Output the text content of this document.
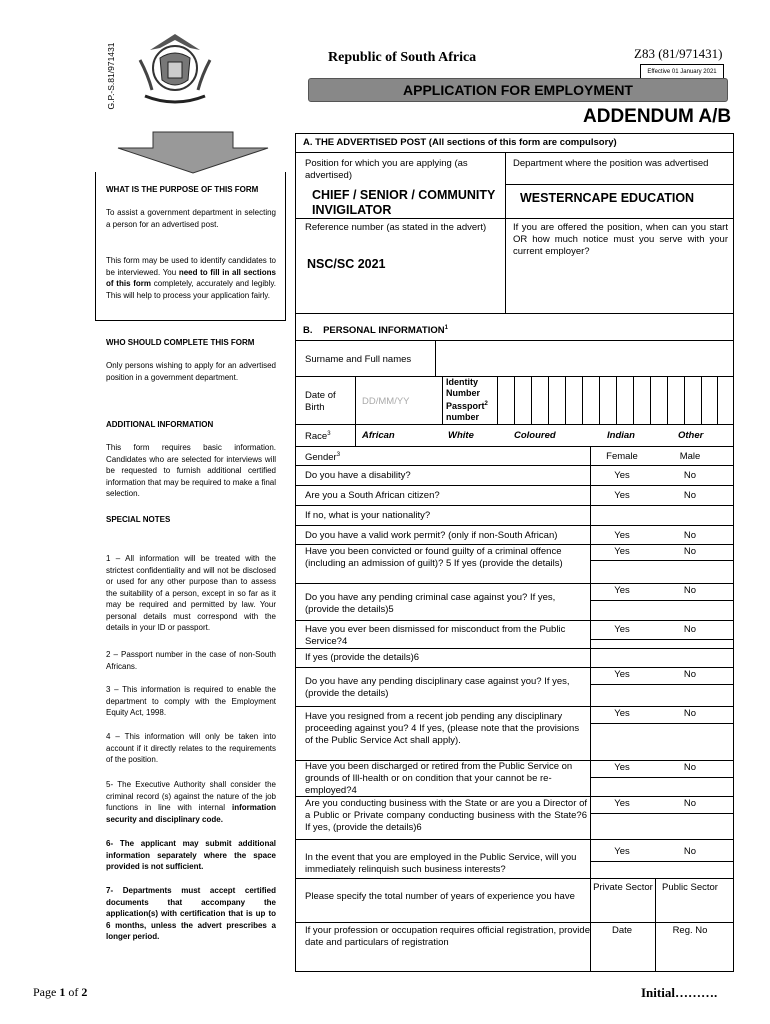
G.P.-S.81/971431	Republic of South Africa	Z83 (81/971431)
Effective 01 January 2021
APPLICATION FOR EMPLOYMENT
ADDENDUM A/B
WHAT IS THE PURPOSE OF THIS FORM
To assist a government department in selecting a person for an advertised post.
This form may be used to identify candidates to be interviewed. You need to fill in all sections of this form completely, accurately and legibly. This will help to process your application fairly.
WHO SHOULD COMPLETE THIS FORM
Only persons wishing to apply for an advertised position in a government department.
ADDITIONAL INFORMATION
This form requires basic information. Candidates who are selected for interviews will be requested to furnish additional certified information that may be required to make a final selection.
SPECIAL NOTES
1 – All information will be treated with the strictest confidentiality and will not be disclosed or used for any other purpose than to assess the suitability of a person, except in so far as it may be required and permitted by law. Your personal details must correspond with the details in your ID or passport.
2 – Passport number in the case of non-South Africans.
3 – This information is required to enable the department to comply with the Employment Equity Act, 1998.
4 – This information will only be taken into account if it directly relates to the requirements of the position.
5- The Executive Authority shall consider the criminal record (s) against the nature of the job functions in line with internal information security and disciplinary code.
6- The applicant may submit additional information separately where the space provided is not sufficient.
7- Departments must accept certified documents that accompany the application(s) with certification that is up to 6 months, unless the advert prescribes a longer period.
A. THE ADVERTISED POST (All sections of this form are compulsory)
Position for which you are applying (as advertised)
CHIEF / SENIOR / COMMUNITY INVIGILATOR
Department where the position was advertised
WESTERNCAPE EDUCATION
Reference number (as stated in the advert)
NSC/SC 2021
If you are offered the position, when can you start OR how much notice must you serve with your current employer?
B. PERSONAL INFORMATION$^1$
Surname and Full names
Date of Birth
DD/MM/YY
Identity Number Passport$^2$
number
Race$^3$	African	White	Coloured	Indian	Other
Gender$^3$	Female	Male
Do you have a disability?	Yes	No
Are you a South African citizen?	Yes	No
If no, what is your nationality?
Do you have a valid work permit? (only if non-South African)	Yes	No
Have you been convicted or found guilty of a criminal offence (including an admission of guilt)? 5 If yes (provide the details)
Yes	No
Do you have any pending criminal case against you? If yes, (provide the details)5
Yes	No
Have you ever been dismissed for misconduct from the Public Service?4
Yes	No
If yes (provide the details)6
Do you have any pending disciplinary case against you? If yes, (provide the details)
Yes	No
Have you resigned from a recent job pending any disciplinary proceeding against you? 4 If yes, (please note that the provisions of the Public Service Act shall apply).
Yes	No
Have you been discharged or retired from the Public Service on grounds of Ill-health or on condition that your cannot be re-employed?4
Yes	No
Are you conducting business with the State or are you a Director of a Public or Private company conducting business with the State?6 If yes, (provide the details)6
Yes	No
In the event that you are employed in the Public Service, will you immediately relinquish such business interests?
Yes	No
Please specify the total number of years of experience you have
Private Sector Public Sector
If your profession or occupation requires official registration, provide date and particulars of registration
Date	Reg. No
Page 1 of 2	Initial……….
